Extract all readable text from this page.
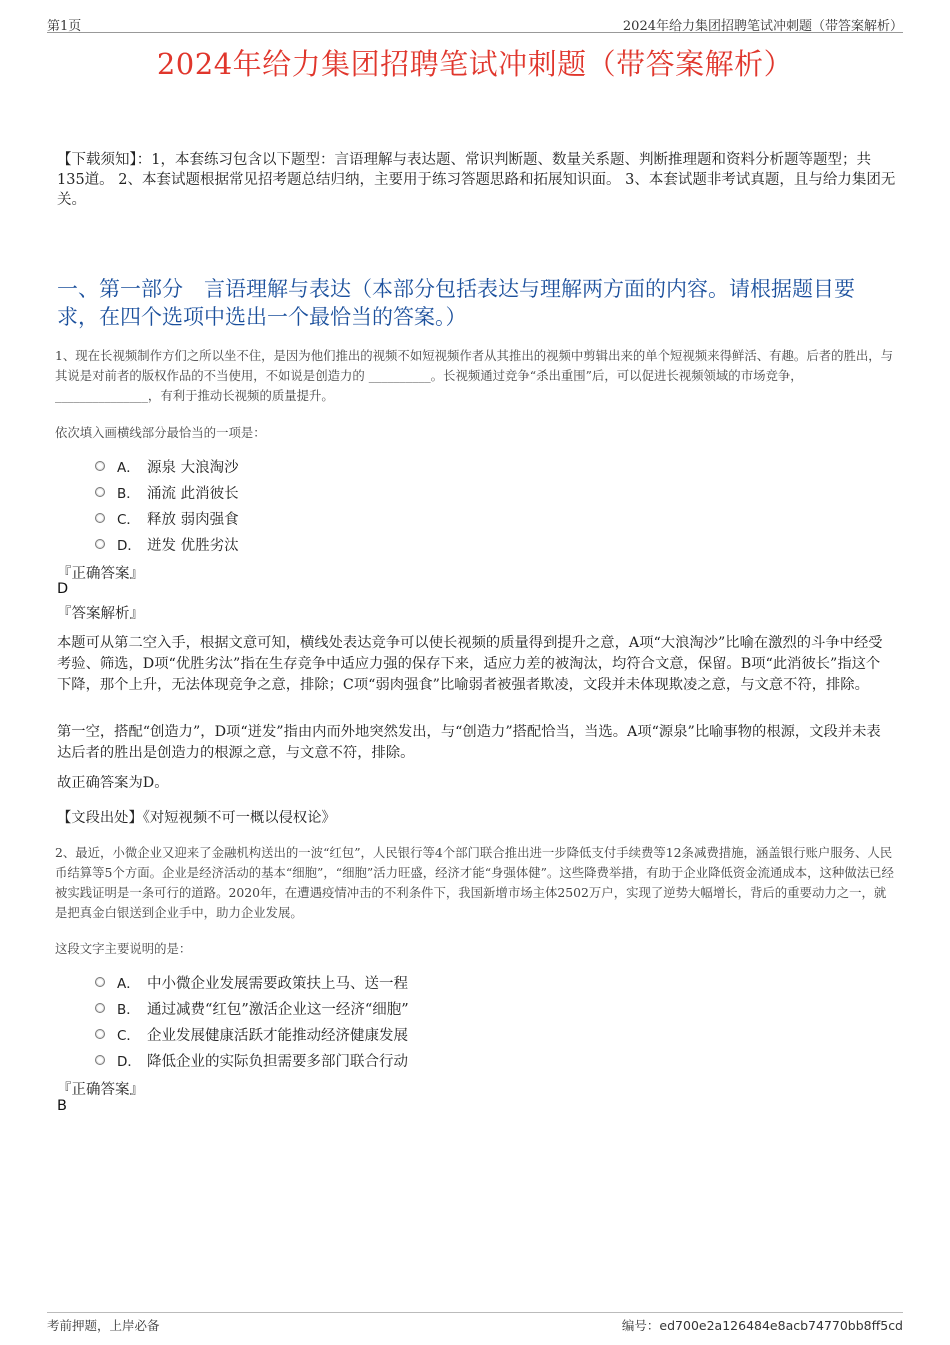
第1页	2024年给力集团招聘笔试冲刺题（带答案解析）
2024年给力集团招聘笔试冲刺题（带答案解析）
【下载须知】：1，本套练习包含以下题型：言语理解与表达题、常识判断题、数量关系题、判断推理题和资料分析题等题型；共135道。 2、本套试题根据常见招考题总结归纳，主要用于练习答题思路和拓展知识面。 3、本套试题非考试真题，且与给力集团无关。
一、第一部分　言语理解与表达（本部分包括表达与理解两方面的内容。请根据题目要求，在四个选项中选出一个最恰当的答案。）
1、现在长视频制作方们之所以坐不住，是因为他们推出的视频不如短视频作者从其推出的视频中剪辑出来的单个短视频来得鲜活、有趣。后者的胜出，与其说是对前者的版权作品的不当使用，不如说是创造力的 __________。长视频通过竞争“杀出重围”后，可以促进长视频领域的市场竞争， _______________，有利于推动长视频的质量提升。
依次填入画横线部分最恰当的一项是：
A． 源泉 大浪淘沙
B． 涌流 此消彼长
C． 释放 弱肉强食
D． 迸发 优胜劣汰
『正确答案』
D
『答案解析』
本题可从第二空入手，根据文意可知，横线处表达竞争可以使长视频的质量得到提升之意，A项“大浪淘沙”比喻在激烈的斗争中经受考验、筛选，D项“优胜劣汰”指在生存竞争中适应力强的保存下来，适应力差的被淘汰，均符合文意，保留。B项“此消彼长”指这个下降，那个上升，无法体现竞争之意，排除；C项“弱肉强食”比喻弱者被强者欺凌，文段并未体现欺凌之意，与文意不符，排除。
第一空，搭配“创造力”，D项“迸发”指由内而外地突然发出，与“创造力”搭配恰当，当选。A项“源泉”比喻事物的根源，文段并未表达后者的胜出是创造力的根源之意，与文意不符，排除。
故正确答案为D。
【文段出处】《对短视频不可一概以侵权论》
2、最近，小微企业又迎来了金融机构送出的一波“红包”，人民银行等4个部门联合推出进一步降低支付手续费等12条减费措施，涵盖银行账户服务、人民币结算等5个方面。企业是经济活动的基本“细胞”，“细胞”活力旺盛，经济才能“身强体健”。这些降费举措，有助于企业降低资金流通成本，这种做法已经被实践证明是一条可行的道路。2020年，在遭遇疫情冲击的不利条件下，我国新增市场主体2502万户，实现了逆势大幅增长，背后的重要动力之一，就是把真金白银送到企业手中，助力企业发展。
这段文字主要说明的是：
A． 中小微企业发展需要政策扶上马、送一程
B． 通过减费“红包”激活企业这一经济“细胞”
C． 企业发展健康活跃才能推动经济健康发展
D． 降低企业的实际负担需要多部门联合行动
『正确答案』
B
考前押题，上岸必备	编号：ed700e2a126484e8acb74770bb8ff5cd
